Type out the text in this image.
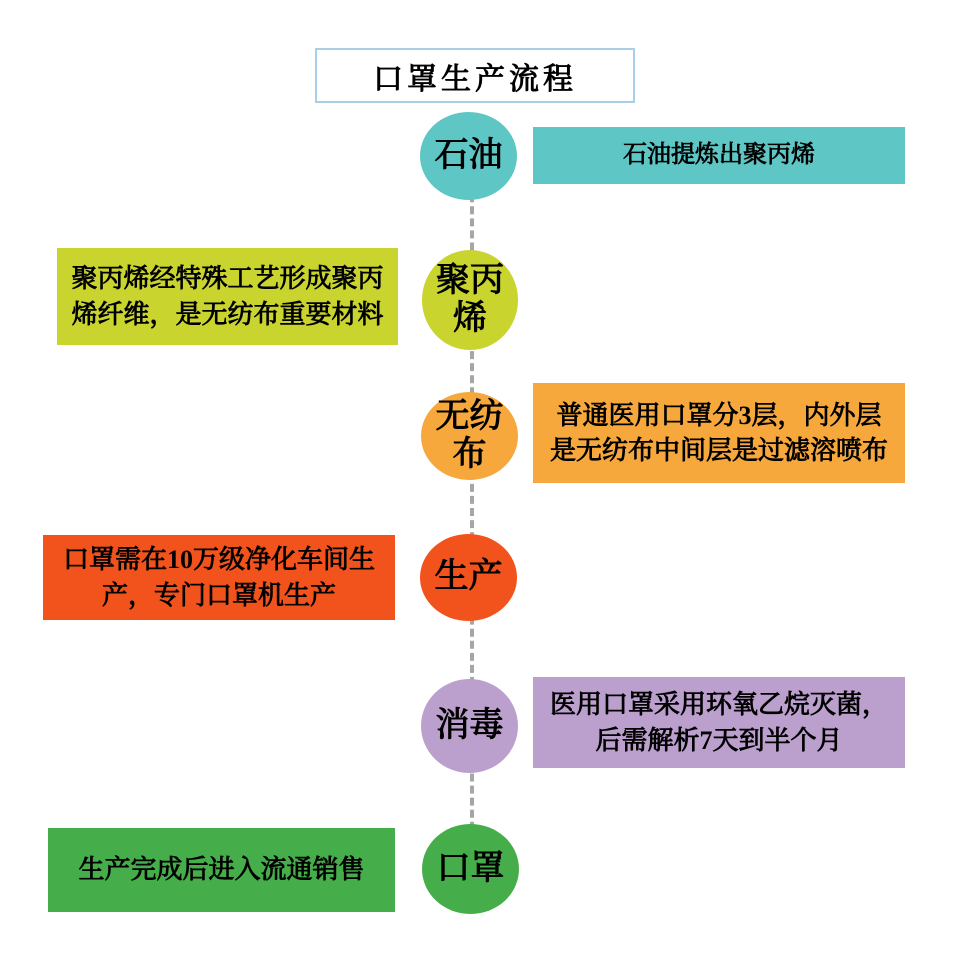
口罩生产流程
石油	石油提炼出聚丙烯
聚丙烯
聚丙烯经特殊工艺形成聚丙烯纤维，是无纺布重要材料
无纺布
普通医用口罩分3层，内外层是无纺布中间层是过滤溶喷布
生产
口罩需在10万级净化车间生产，专门口罩机生产
消毒
医用口罩采用环氧乙烷灭菌，后需解析7天到半个月
口罩
生产完成后进入流通销售
